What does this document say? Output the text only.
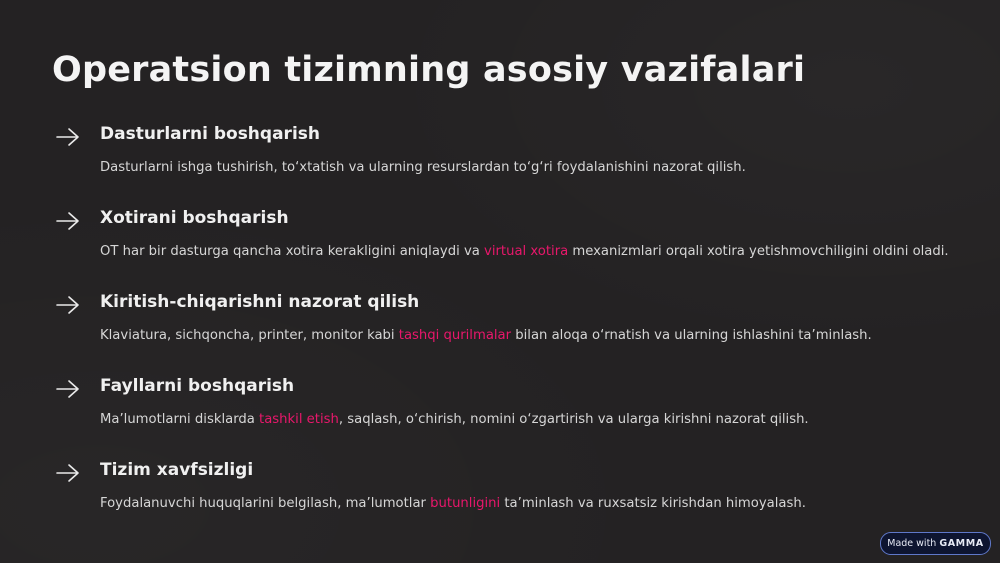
Operatsion tizimning asosiy vazifalari
Dasturlarni boshqarish

Dasturlarni ishga tushirish, to‘xtatish va ularning resurslardan to‘g‘ri foydalanishini nazorat qilish.

Xotirani boshqarish

OT har bir dasturga qancha xotira kerakligini aniqlaydi va virtual xotira mexanizmlari orqali xotira yetishmovchiligini oldini oladi.

Kiritish-chiqarishni nazorat qilish

Klaviatura, sichqoncha, printer, monitor kabi tashqi qurilmalar bilan aloqa o‘rnatish va ularning ishlashini ta’minlash.

Fayllarni boshqarish

Ma’lumotlarni disklarda tashkil etish, saqlash, o‘chirish, nomini o‘zgartirish va ularga kirishni nazorat qilish.

Tizim xavfsizligi

Foydalanuvchi huquqlarini belgilash, ma’lumotlar butunligini ta’minlash va ruxsatsiz kirishdan himoyalash.

Made with GAMMA
